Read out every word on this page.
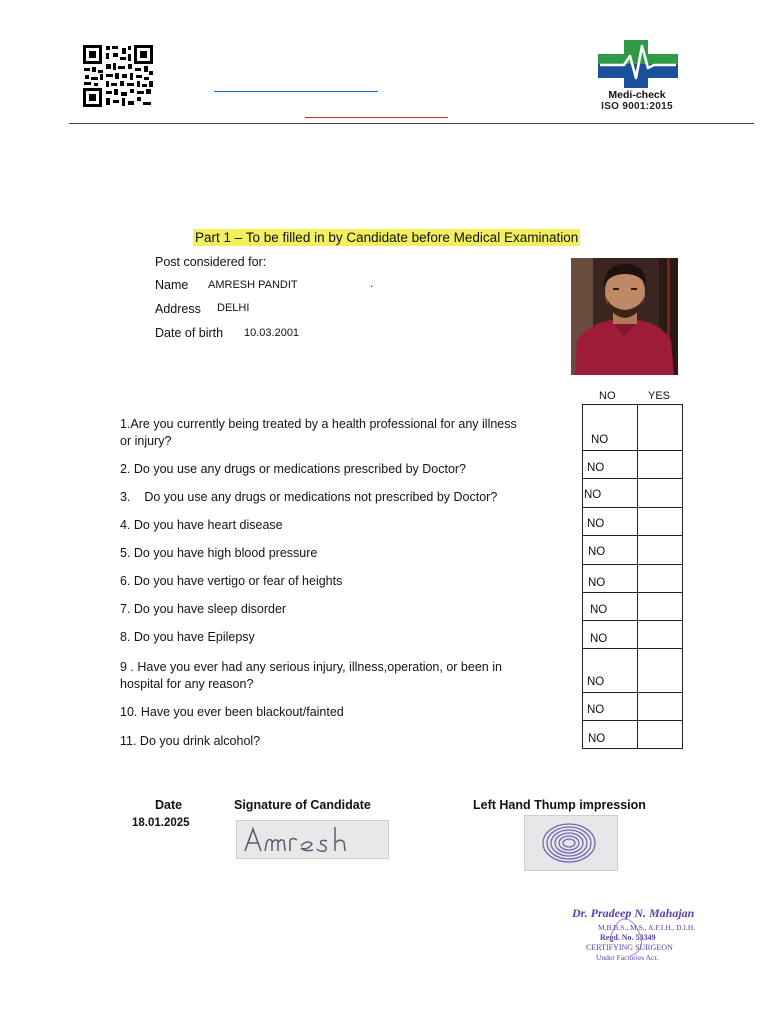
Medi-check
ISO 9001:2015
Part 1 – To be filled in by Candidate before Medical Examination
Post considered for:
Name AMRESH PANDIT	.
Address DELHI
Date of birth 10.03.2001
NO	YES
1.Are you currently being treated by a health professional for any illness
or injury?	NO
2. Do you use any drugs or medications prescribed by Doctor?	NO
3.    Do you use any drugs or medications not prescribed by Doctor?	NO
4. Do you have heart disease	NO
5. Do you have high blood pressure	NO
6. Do you have vertigo or fear of heights	NO
7. Do you have sleep disorder	NO
8. Do you have Epilepsy	NO
9 . Have you ever had any serious injury, illness,operation, or been in
hospital for any reason?	NO
10. Have you ever been blackout/fainted	NO
11. Do you drink alcohol?	NO
Date
18.01.2025
Signature of Candidate	Left Hand Thump impression
Dr. Pradeep N. Mahajan
M.B.B.S., M.S., A.F.I.H., D.I.H.
Regd. No. 53349
CERTIFYING SURGEON
Under Factories Act.
